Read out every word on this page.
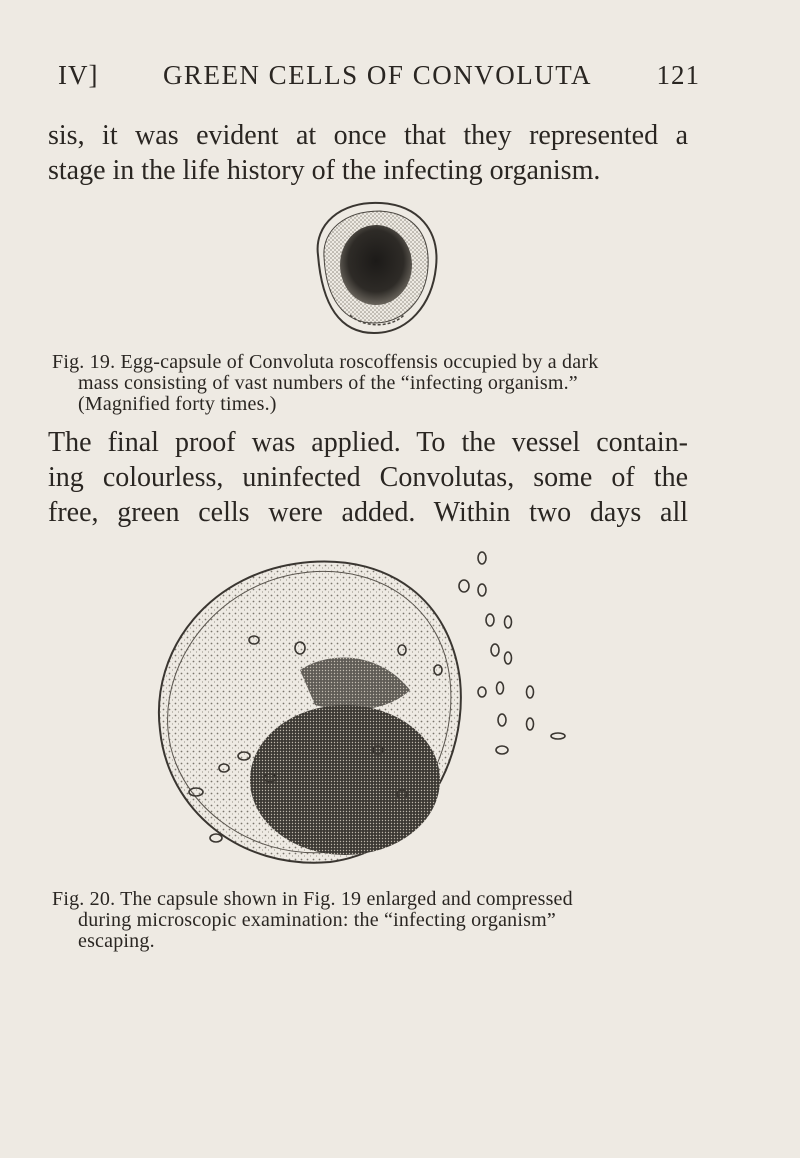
IV] GREEN CELLS OF CONVOLUTA 121
sis, it was evident at once that they represented a
stage in the life history of the infecting organism.
Fig. 19. Egg-capsule of Convoluta roscoffensis occupied by a dark
mass consisting of vast numbers of the “infecting organism.”
(Magnified forty times.)
The final proof was applied. To the vessel contain-
ing colourless, uninfected Convolutas, some of the
free, green cells were added. Within two days all
Fig. 20. The capsule shown in Fig. 19 enlarged and compressed
during microscopic examination: the “infecting organism”
escaping.
